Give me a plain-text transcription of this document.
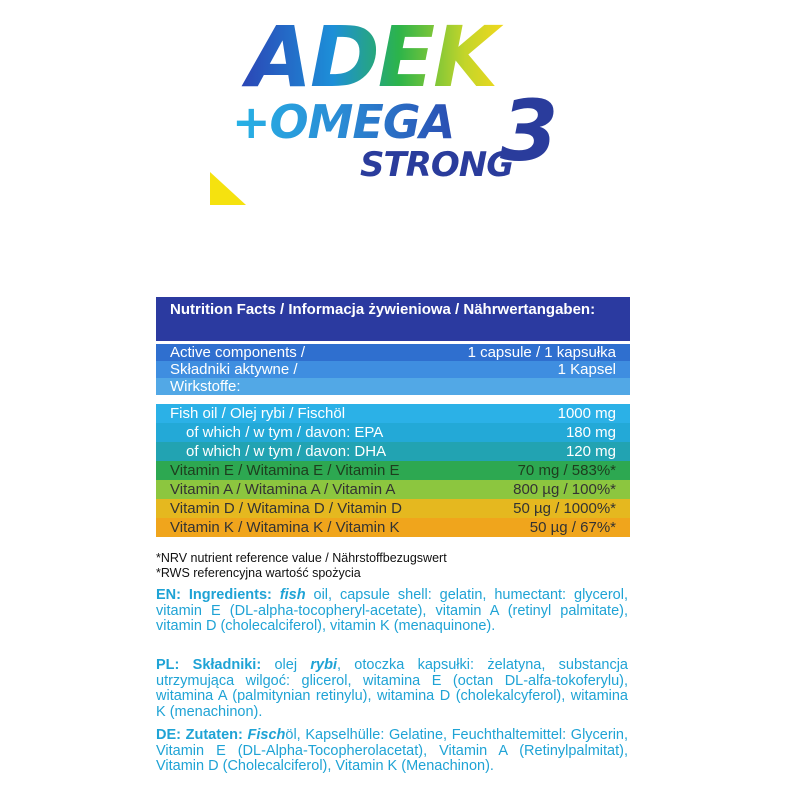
ADEK
+OMEGA 3
STRONG
Nutrition Facts / Informacja żywieniowa / Nährwertangaben:
Active components /	1 capsule / 1 kapsułka
Składniki aktywne /	1 Kapsel
Wirkstoffe:
Fish oil / Olej rybi / Fischöl	1000 mg
of which / w tym / davon: EPA	180 mg
of which / w tym / davon: DHA	120 mg
Vitamin E / Witamina E / Vitamin E	70 mg / 583%*
Vitamin A / Witamina A / Vitamin A	800 µg / 100%*
Vitamin D / Witamina D / Vitamin D	50 µg / 1000%*
Vitamin K / Witamina K / Vitamin K	50 µg / 67%*
*NRV nutrient reference value / Nährstoffbezugswert
*RWS referencyjna wartość spożycia
EN: Ingredients: fish oil, capsule shell: gelatin, humectant: glycerol, vitamin E (DL-alpha-tocopheryl-acetate), vitamin A (retinyl palmitate), vitamin D (cholecalciferol), vitamin K (menaquinone).
PL: Składniki: olej rybi, otoczka kapsułki: żelatyna, substancja utrzymująca wilgoć: glicerol, witamina E (octan DL-alfa-tokoferylu), witamina A (palmitynian retinylu), witamina D (cholekalcyferol), witamina K (menachinon).
DE: Zutaten: Fischöl, Kapselhülle: Gelatine, Feuchthaltemittel: Glycerin, Vitamin E (DL-Alpha-Tocopherolacetat), Vitamin A (Retinylpalmitat), Vitamin D (Cholecalciferol), Vitamin K (Menachinon).
